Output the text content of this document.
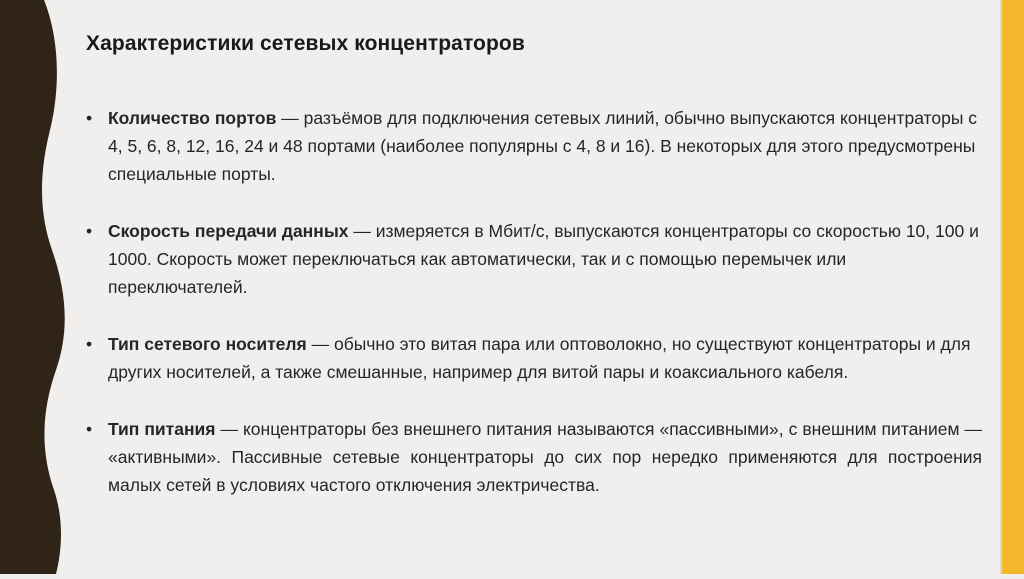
Характеристики сетевых концентраторов
• Количество портов — разъёмов для подключения сетевых линий, обычно выпускаются концентраторы с 4, 5, 6, 8, 12, 16, 24 и 48 портами (наиболее популярны с 4, 8 и 16). В некоторых для этого предусмотрены специальные порты.
• Скорость передачи данных — измеряется в Мбит/с, выпускаются концентраторы со скоростью 10, 100 и 1000. Скорость может переключаться как автоматически, так и с помощью перемычек или переключателей.
• Тип сетевого носителя — обычно это витая пара или оптоволокно, но существуют концентраторы и для других носителей, а также смешанные, например для витой пары и коаксиального кабеля.
• Тип питания — концентраторы без внешнего питания называются «пассивными», с внешним питанием — «активными». Пассивные сетевые концентраторы до сих пор нередко применяются для построения малых сетей в условиях частого отключения электричества.
